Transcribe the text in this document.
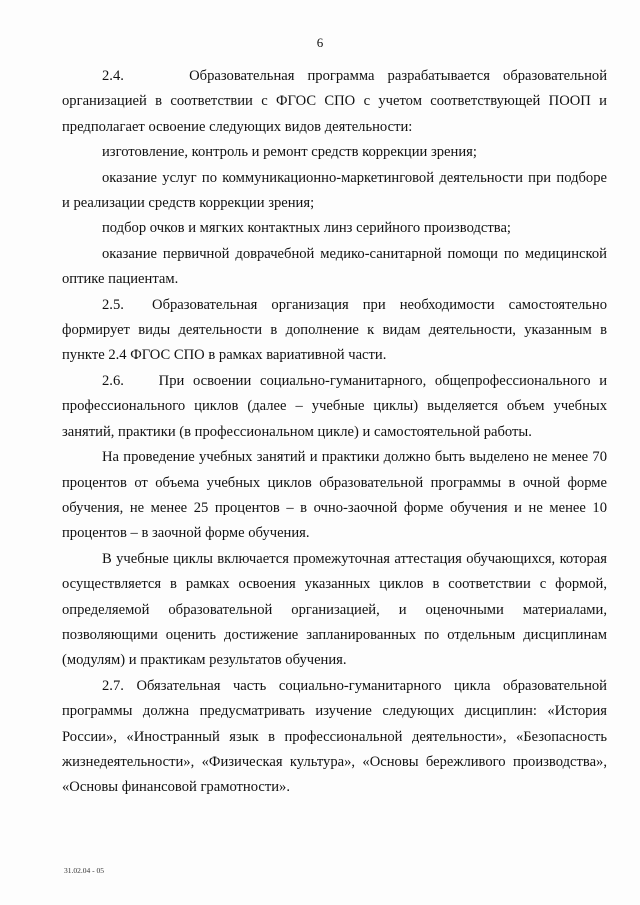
6

2.4.     Образовательная программа разрабатывается образовательной организацией в соответствии с ФГОС СПО с учетом соответствующей ПООП и предполагает освоение следующих видов деятельности:

изготовление, контроль и ремонт средств коррекции зрения;

оказание услуг по коммуникационно-маркетинговой деятельности при подборе и реализации средств коррекции зрения;

подбор очков и мягких контактных линз серийного производства;

оказание первичной доврачебной медико-санитарной помощи по медицинской оптике пациентам.

2.5.  Образовательная организация при необходимости самостоятельно формирует виды деятельности в дополнение к видам деятельности, указанным в пункте 2.4 ФГОС СПО в рамках вариативной части.

2.6.    При освоении социально-гуманитарного, общепрофессионального и профессионального циклов (далее – учебные циклы) выделяется объем учебных занятий, практики (в профессиональном цикле) и самостоятельной работы.

На проведение учебных занятий и практики должно быть выделено не менее 70 процентов от объема учебных циклов образовательной программы в очной форме обучения, не менее 25 процентов – в очно-заочной форме обучения и не менее 10 процентов – в заочной форме обучения.

В учебные циклы включается промежуточная аттестация обучающихся, которая осуществляется в рамках освоения указанных циклов в соответствии с формой, определяемой образовательной организацией, и оценочными материалами, позволяющими оценить достижение запланированных по отдельным дисциплинам (модулям) и практикам результатов обучения.

2.7. Обязательная часть социально-гуманитарного цикла образовательной программы должна предусматривать изучение следующих дисциплин: «История России», «Иностранный язык в профессиональной деятельности», «Безопасность жизнедеятельности», «Физическая культура», «Основы бережливого производства», «Основы финансовой грамотности».

31.02.04 - 05
